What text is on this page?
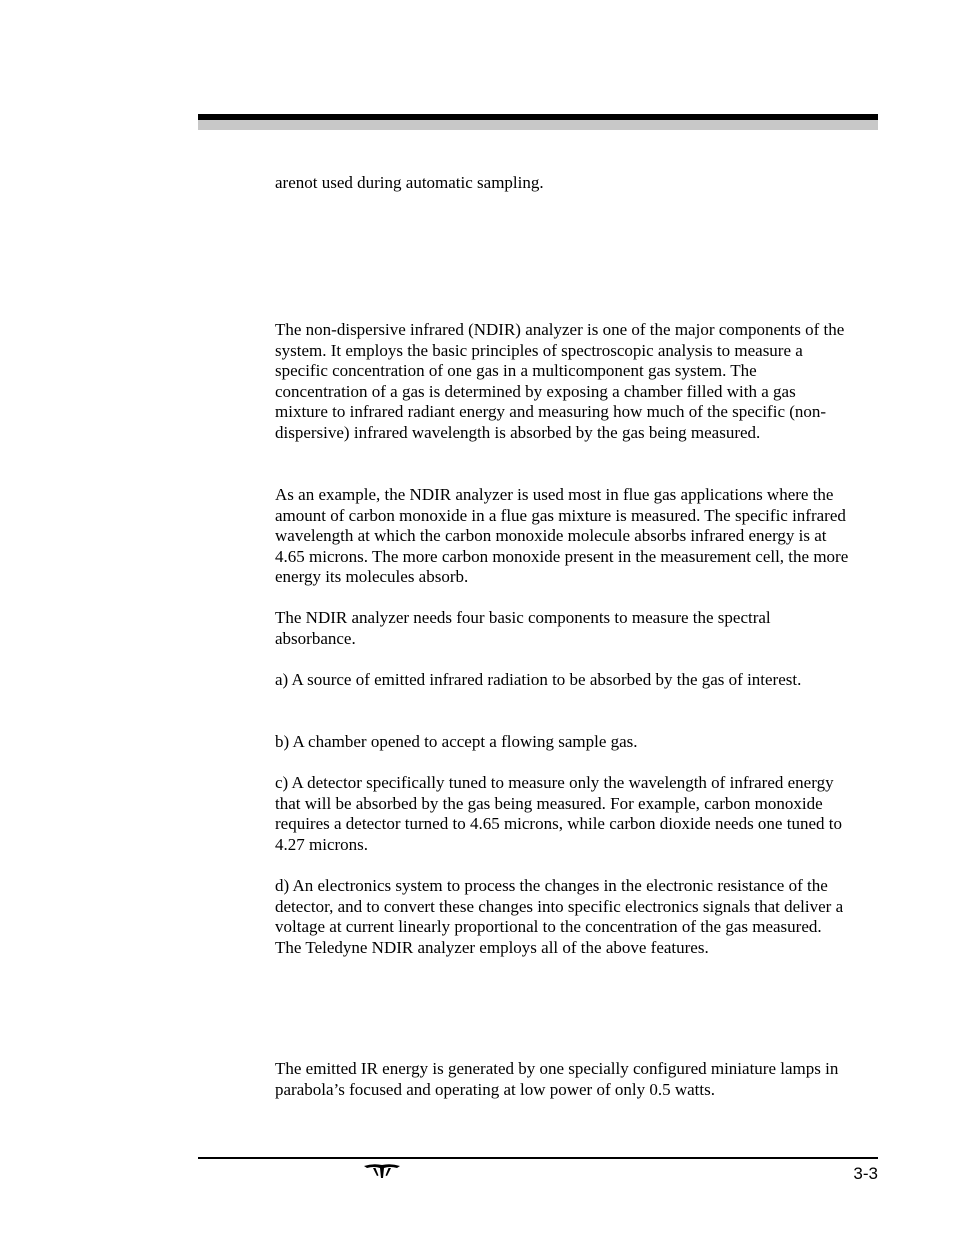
arenot used during automatic sampling.

The non-dispersive infrared (NDIR) analyzer is one of the major components of the system. It employs the basic principles of spectroscopic analysis to measure a specific concentration of one gas in a multicomponent gas system. The concentration of a gas is determined by exposing a chamber filled with a gas mixture to infrared radiant energy and measuring how much of the specific (non-dispersive) infrared wavelength is absorbed by the gas being measured.

As an example, the NDIR analyzer is used most in flue gas applications where the amount of carbon monoxide in a flue gas mixture is measured. The specific infrared wavelength at which the carbon monoxide molecule absorbs infrared energy is at 4.65 microns. The more carbon monoxide present in the measurement cell, the more energy its molecules absorb.

The NDIR analyzer needs four basic components to measure the spectral absorbance.

a) A source of emitted infrared radiation to be absorbed by the gas of interest.

b) A chamber opened to accept a flowing sample gas.

c) A detector specifically tuned to measure only the wavelength of infrared energy that will be absorbed by the gas being measured. For example, carbon monoxide requires a detector turned to 4.65 microns, while carbon dioxide needs one tuned to 4.27 microns.

d) An electronics system to process the changes in the electronic resistance of the detector, and to convert these changes into specific electronics signals that deliver a voltage at current linearly proportional to the concentration of the gas measured. The Teledyne NDIR analyzer employs all of the above features.

The emitted IR energy is generated by one specially configured miniature lamps in parabola’s focused and operating at low power of only 0.5 watts.

3-3
